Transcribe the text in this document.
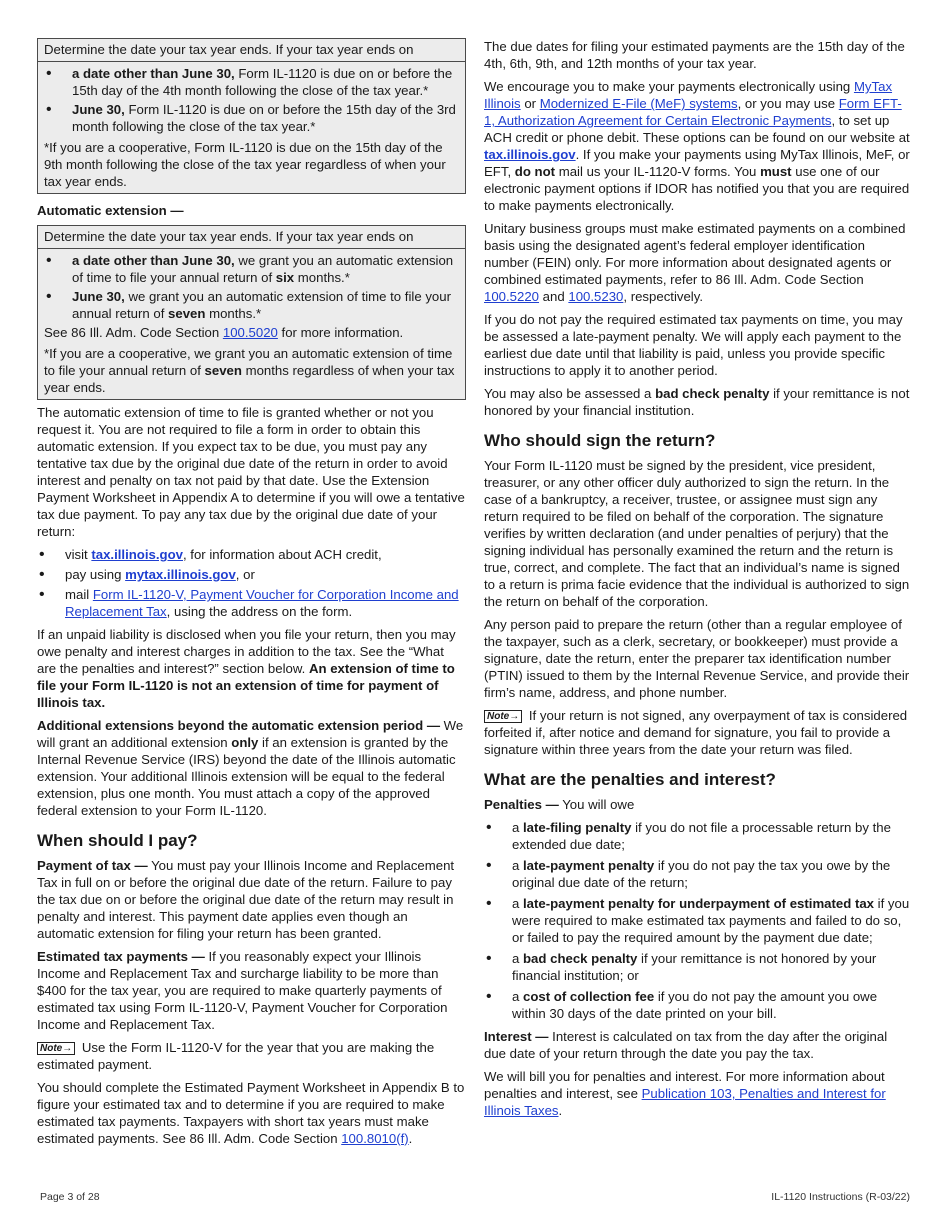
Determine the date your tax year ends. If your tax year ends on
• a date other than June 30, Form IL-1120 is due on or before the 15th day of the 4th month following the close of the tax year.*
• June 30, Form IL-1120 is due on or before the 15th day of the 3rd month following the close of the tax year.*

*If you are a cooperative, Form IL-1120 is due on the 15th day of the 9th month following the close of the tax year regardless of when your tax year ends.

Automatic extension —

Determine the date your tax year ends. If your tax year ends on
• a date other than June 30, we grant you an automatic extension of time to file your annual return of six months.*
• June 30, we grant you an automatic extension of time to file your annual return of seven months.*

See 86 Ill. Adm. Code Section 100.5020 for more information.

*If you are a cooperative, we grant you an automatic extension of time to file your annual return of seven months regardless of when your tax year ends.

The automatic extension of time to file is granted whether or not you request it. You are not required to file a form in order to obtain this automatic extension. If you expect tax to be due, you must pay any tentative tax due by the original due date of the return in order to avoid interest and penalty on tax not paid by that date. Use the Extension Payment Worksheet in Appendix A to determine if you will owe a tentative tax due payment. To pay any tax due by the original due date of your return:

• visit tax.illinois.gov, for information about ACH credit,
• pay using mytax.illinois.gov, or
• mail Form IL-1120-V, Payment Voucher for Corporation Income and Replacement Tax, using the address on the form.

If an unpaid liability is disclosed when you file your return, then you may owe penalty and interest charges in addition to the tax. See the “What are the penalties and interest?” section below. An extension of time to file your Form IL-1120 is not an extension of time for payment of Illinois tax.

Additional extensions beyond the automatic extension period — We will grant an additional extension only if an extension is granted by the Internal Revenue Service (IRS) beyond the date of the Illinois automatic extension. Your additional Illinois extension will be equal to the federal extension, plus one month. You must attach a copy of the approved federal extension to your Form IL-1120.

When should I pay?

Payment of tax — You must pay your Illinois Income and Replacement Tax in full on or before the original due date of the return. Failure to pay the tax due on or before the original due date of the return may result in penalty and interest. This payment date applies even though an automatic extension for filing your return has been granted.

Estimated tax payments — If you reasonably expect your Illinois Income and Replacement Tax and surcharge liability to be more than $400 for the tax year, you are required to make quarterly payments of estimated tax using Form IL-1120-V, Payment Voucher for Corporation Income and Replacement Tax.

Note→ Use the Form IL-1120-V for the year that you are making the estimated payment.

You should complete the Estimated Payment Worksheet in Appendix B to figure your estimated tax and to determine if you are required to make estimated tax payments. Taxpayers with short tax years must make estimated payments. See 86 Ill. Adm. Code Section 100.8010(f).

The due dates for filing your estimated payments are the 15th day of the 4th, 6th, 9th, and 12th months of your tax year.

We encourage you to make your payments electronically using MyTax Illinois or Modernized E-File (MeF) systems, or you may use Form EFT-1, Authorization Agreement for Certain Electronic Payments, to set up ACH credit or phone debit. These options can be found on our website at tax.illinois.gov. If you make your payments using MyTax Illinois, MeF, or EFT, do not mail us your IL-1120-V forms. You must use one of our electronic payment options if IDOR has notified you that you are required to make payments electronically.

Unitary business groups must make estimated payments on a combined basis using the designated agent’s federal employer identification number (FEIN) only. For more information about designated agents or combined estimated payments, refer to 86 Ill. Adm. Code Section 100.5220 and 100.5230, respectively.

If you do not pay the required estimated tax payments on time, you may be assessed a late-payment penalty. We will apply each payment to the earliest due date until that liability is paid, unless you provide specific instructions to apply it to another period.

You may also be assessed a bad check penalty if your remittance is not honored by your financial institution.

Who should sign the return?

Your Form IL-1120 must be signed by the president, vice president, treasurer, or any other officer duly authorized to sign the return. In the case of a bankruptcy, a receiver, trustee, or assignee must sign any return required to be filed on behalf of the corporation. The signature verifies by written declaration (and under penalties of perjury) that the signing individual has personally examined the return and the return is true, correct, and complete. The fact that an individual’s name is signed to a return is prima facie evidence that the individual is authorized to sign the return on behalf of the corporation.

Any person paid to prepare the return (other than a regular employee of the taxpayer, such as a clerk, secretary, or bookkeeper) must provide a signature, date the return, enter the preparer tax identification number (PTIN) issued to them by the Internal Revenue Service, and provide their firm’s name, address, and phone number.

Note→ If your return is not signed, any overpayment of tax is considered forfeited if, after notice and demand for signature, you fail to provide a signature within three years from the date your return was filed.

What are the penalties and interest?

Penalties — You will owe

• a late-filing penalty if you do not file a processable return by the extended due date;
• a late-payment penalty if you do not pay the tax you owe by the original due date of the return;
• a late-payment penalty for underpayment of estimated tax if you were required to make estimated tax payments and failed to do so, or failed to pay the required amount by the payment due date;
• a bad check penalty if your remittance is not honored by your financial institution; or
• a cost of collection fee if you do not pay the amount you owe within 30 days of the date printed on your bill.

Interest — Interest is calculated on tax from the day after the original due date of your return through the date you pay the tax.

We will bill you for penalties and interest. For more information about penalties and interest, see Publication 103, Penalties and Interest for Illinois Taxes.

Page 3 of 28	IL-1120 Instructions (R-03/22)
